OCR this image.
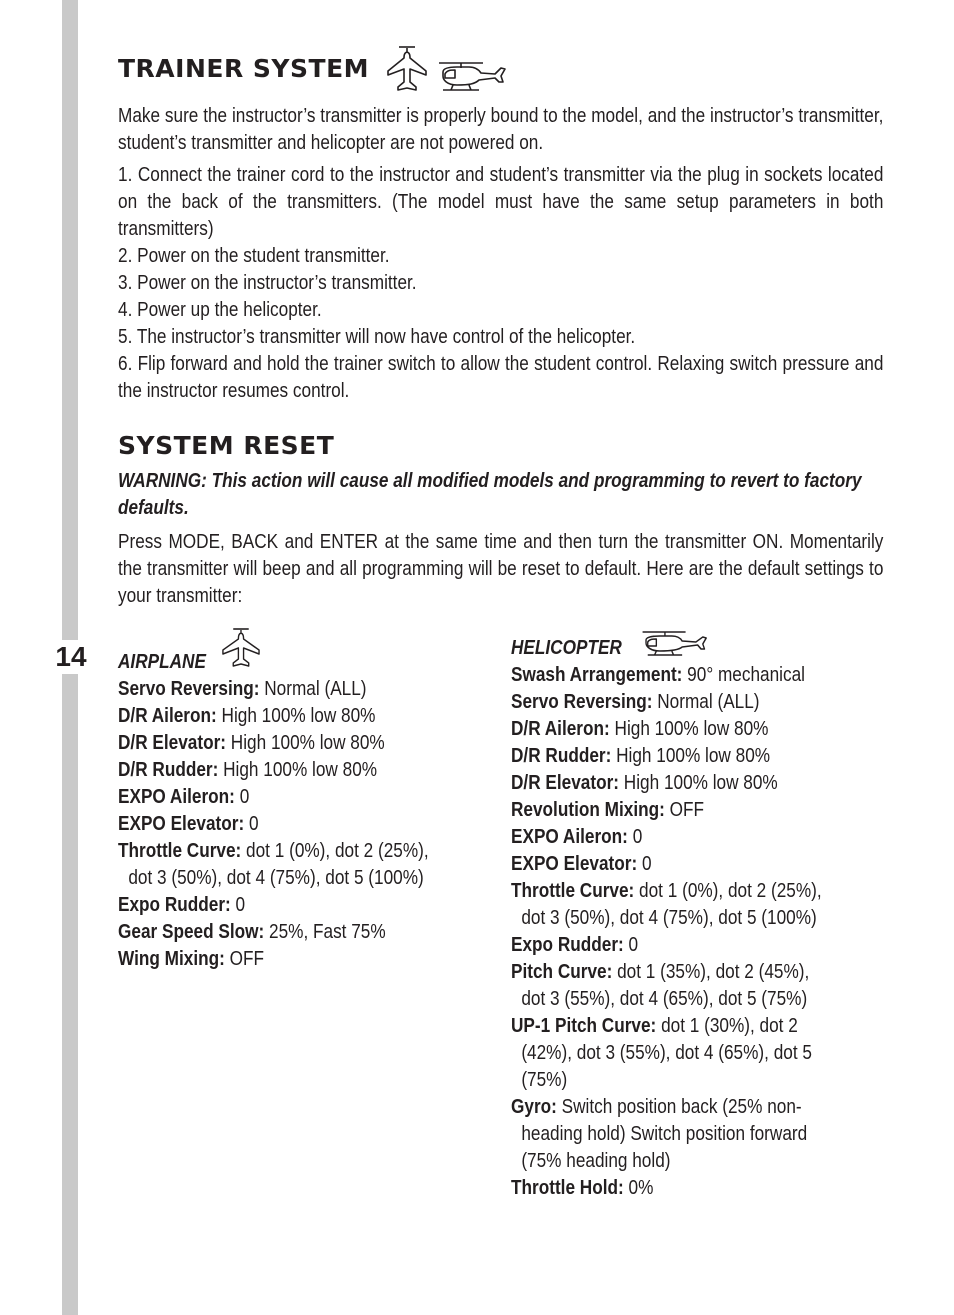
14
TRAINER SYSTEM
Make sure the instructor’s transmitter is properly bound to the model, and the instructor’s transmitter, student’s transmitter and helicopter are not powered on.

1. Connect the trainer cord to the instructor and student’s transmitter via the plug in sockets located on the back of the transmitters. (The model must have the same setup parameters in both transmitters)

2. Power on the student transmitter.

3. Power on the instructor’s transmitter.

4. Power up the helicopter.

5. The instructor’s transmitter will now have control of the helicopter.

6. Flip forward and hold the trainer switch to allow the student control. Relaxing switch pressure and the instructor resumes control.

SYSTEM RESET
WARNING: This action will cause all modified models and programming to revert to factory defaults.
Press MODE, BACK and ENTER at the same time and then turn the transmitter ON. Momentarily the transmitter will beep and all programming will be reset to default. Here are the default settings to your transmitter:
AIRPLANE
Servo Reversing: Normal (ALL)
D/R Aileron: High 100% low 80%
D/R Elevator: High 100% low 80%
D/R Rudder: High 100% low 80%
EXPO Aileron: 0
EXPO Elevator: 0
Throttle Curve: dot 1 (0%), dot 2 (25%),
dot 3 (50%), dot 4 (75%), dot 5 (100%)
Expo Rudder: 0
Gear Speed Slow: 25%, Fast 75%
Wing Mixing: OFF
HELICOPTER
Swash Arrangement: 90° mechanical
Servo Reversing: Normal (ALL)
D/R Aileron: High 100% low 80%
D/R Rudder: High 100% low 80%
D/R Elevator: High 100% low 80%
Revolution Mixing: OFF
EXPO Aileron: 0
EXPO Elevator: 0
Throttle Curve: dot 1 (0%), dot 2 (25%),
dot 3 (50%), dot 4 (75%), dot 5 (100%)
Expo Rudder: 0
Pitch Curve: dot 1 (35%), dot 2 (45%),
dot 3 (55%), dot 4 (65%), dot 5 (75%)
UP-1 Pitch Curve: dot 1 (30%), dot 2
(42%), dot 3 (55%), dot 4 (65%), dot 5
(75%)
Gyro: Switch position back (25% non-
heading hold) Switch position forward
(75% heading hold)
Throttle Hold: 0%
